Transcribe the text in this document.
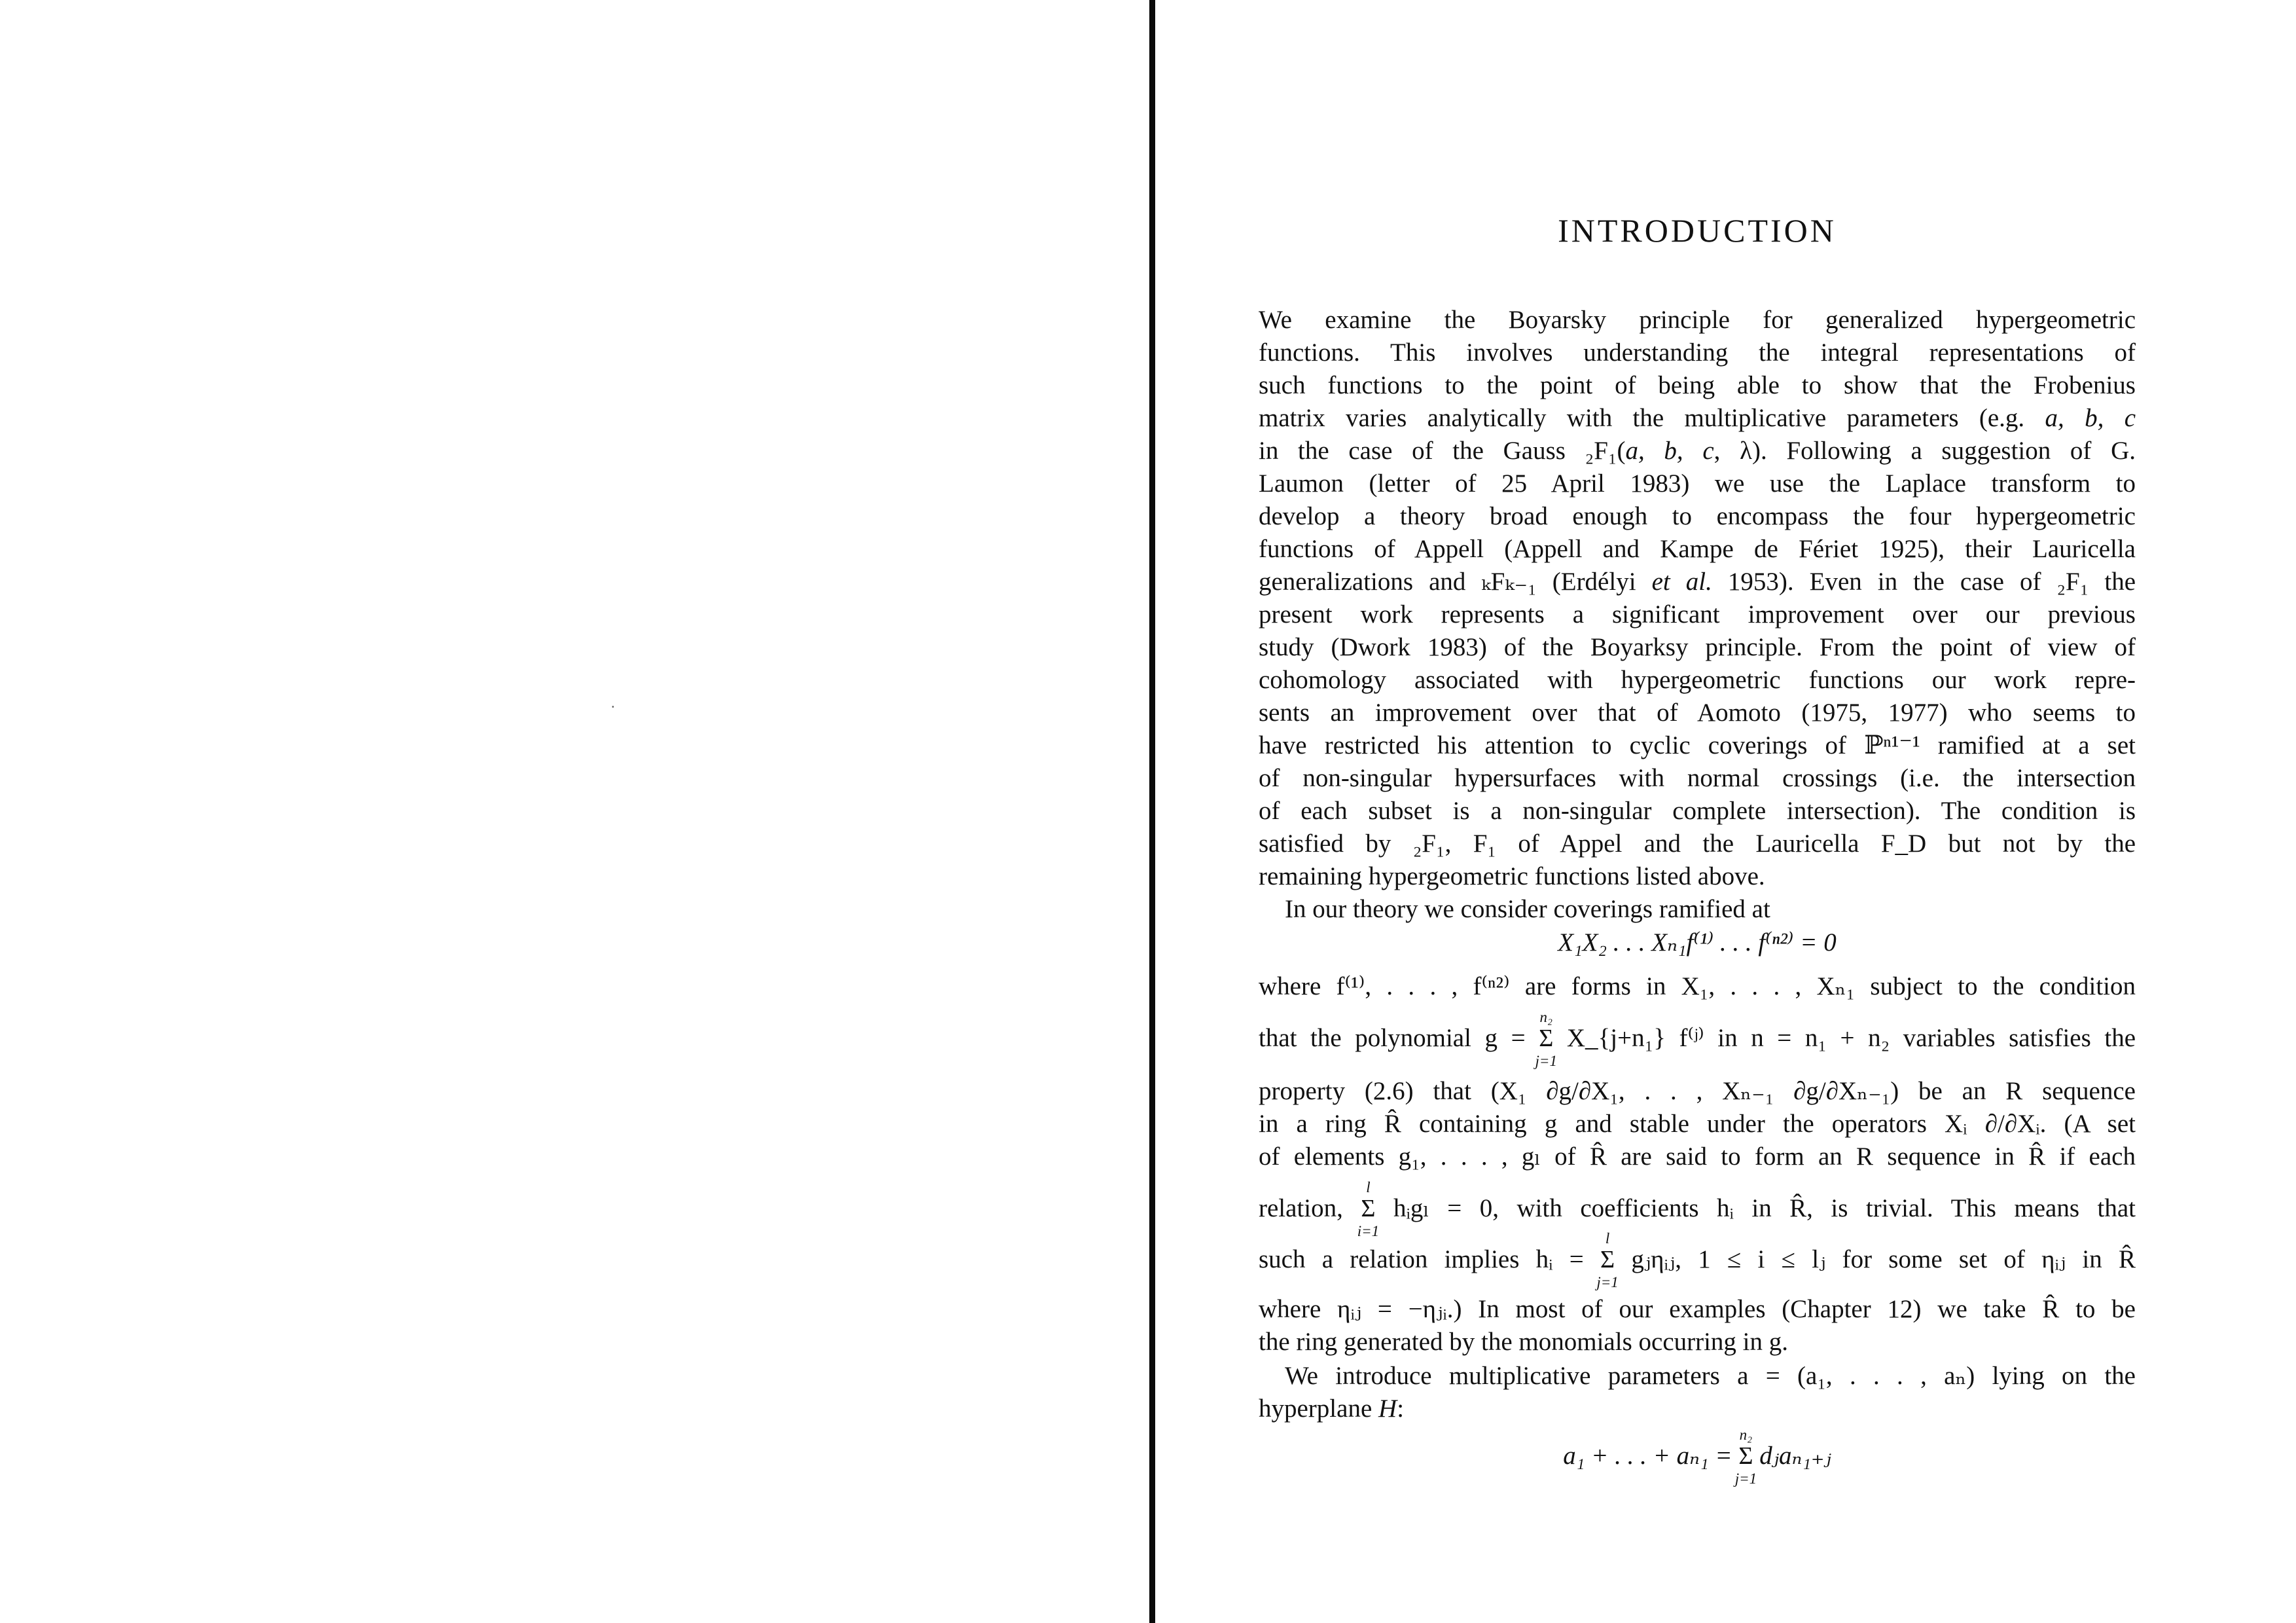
INTRODUCTION
We examine the Boyarsky principle for generalized hypergeometric
functions. This involves understanding the integral representations of
such functions to the point of being able to show that the Frobenius
matrix varies analytically with the multiplicative parameters (e.g. a, b, c
in the case of the Gauss ₂F₁(a, b, c, λ). Following a suggestion of G.
Laumon (letter of 25 April 1983) we use the Laplace transform to
develop a theory broad enough to encompass the four hypergeometric
functions of Appell (Appell and Kampe de Fériet 1925), their Lauricella
generalizations and ₖFₖ₋₁ (Erdélyi et al. 1953). Even in the case of ₂F₁ the
present work represents a significant improvement over our previous
study (Dwork 1983) of the Boyarksy principle. From the point of view of
cohomology associated with hypergeometric functions our work repre-
sents an improvement over that of Aomoto (1975, 1977) who seems to
have restricted his attention to cyclic coverings of ℙⁿ¹⁻¹ ramified at a set
of non-singular hypersurfaces with normal crossings (i.e. the intersection
of each subset is a non-singular complete intersection). The condition is
satisfied by ₂F₁, F₁ of Appel and the Lauricella F_D but not by the
remaining hypergeometric functions listed above.
In our theory we consider coverings ramified at
X₁X₂ . . . Xₙ₁f⁽¹⁾ . . . f⁽ⁿ²⁾ = 0
where f⁽¹⁾, . . . , f⁽ⁿ²⁾ are forms in X₁, . . . , Xₙ₁ subject to the condition
that the polynomial g =
n₂
Σ
j=1
X_{j+n₁} f⁽ʲ⁾ in n = n₁ + n₂ variables satisfies the
property (2.6) that (X₁ ∂g/∂X₁, . . , Xₙ₋₁ ∂g/∂Xₙ₋₁) be an R sequence
in a ring R̂ containing g and stable under the operators Xᵢ ∂/∂Xᵢ. (A set
of elements g₁, . . . , gₗ of R̂ are said to form an R sequence in R̂ if each
relation,
l
Σ
i=1
hᵢgₗ = 0, with coefficients hᵢ in R̂, is trivial. This means that
such a relation implies hᵢ =
l
Σ
j=1
gⱼηᵢⱼ, 1 ≤ i ≤ lⱼ for some set of ηᵢⱼ in R̂
where ηᵢⱼ = −ηⱼᵢ.) In most of our examples (Chapter 12) we take R̂ to be
the ring generated by the monomials occurring in g.
We introduce multiplicative parameters a = (a₁, . . . , aₙ) lying on the
hyperplane H:
a₁ + . . . + aₙ₁ =
n₂
Σ
j=1
dⱼaₙ₁₊ⱼ
